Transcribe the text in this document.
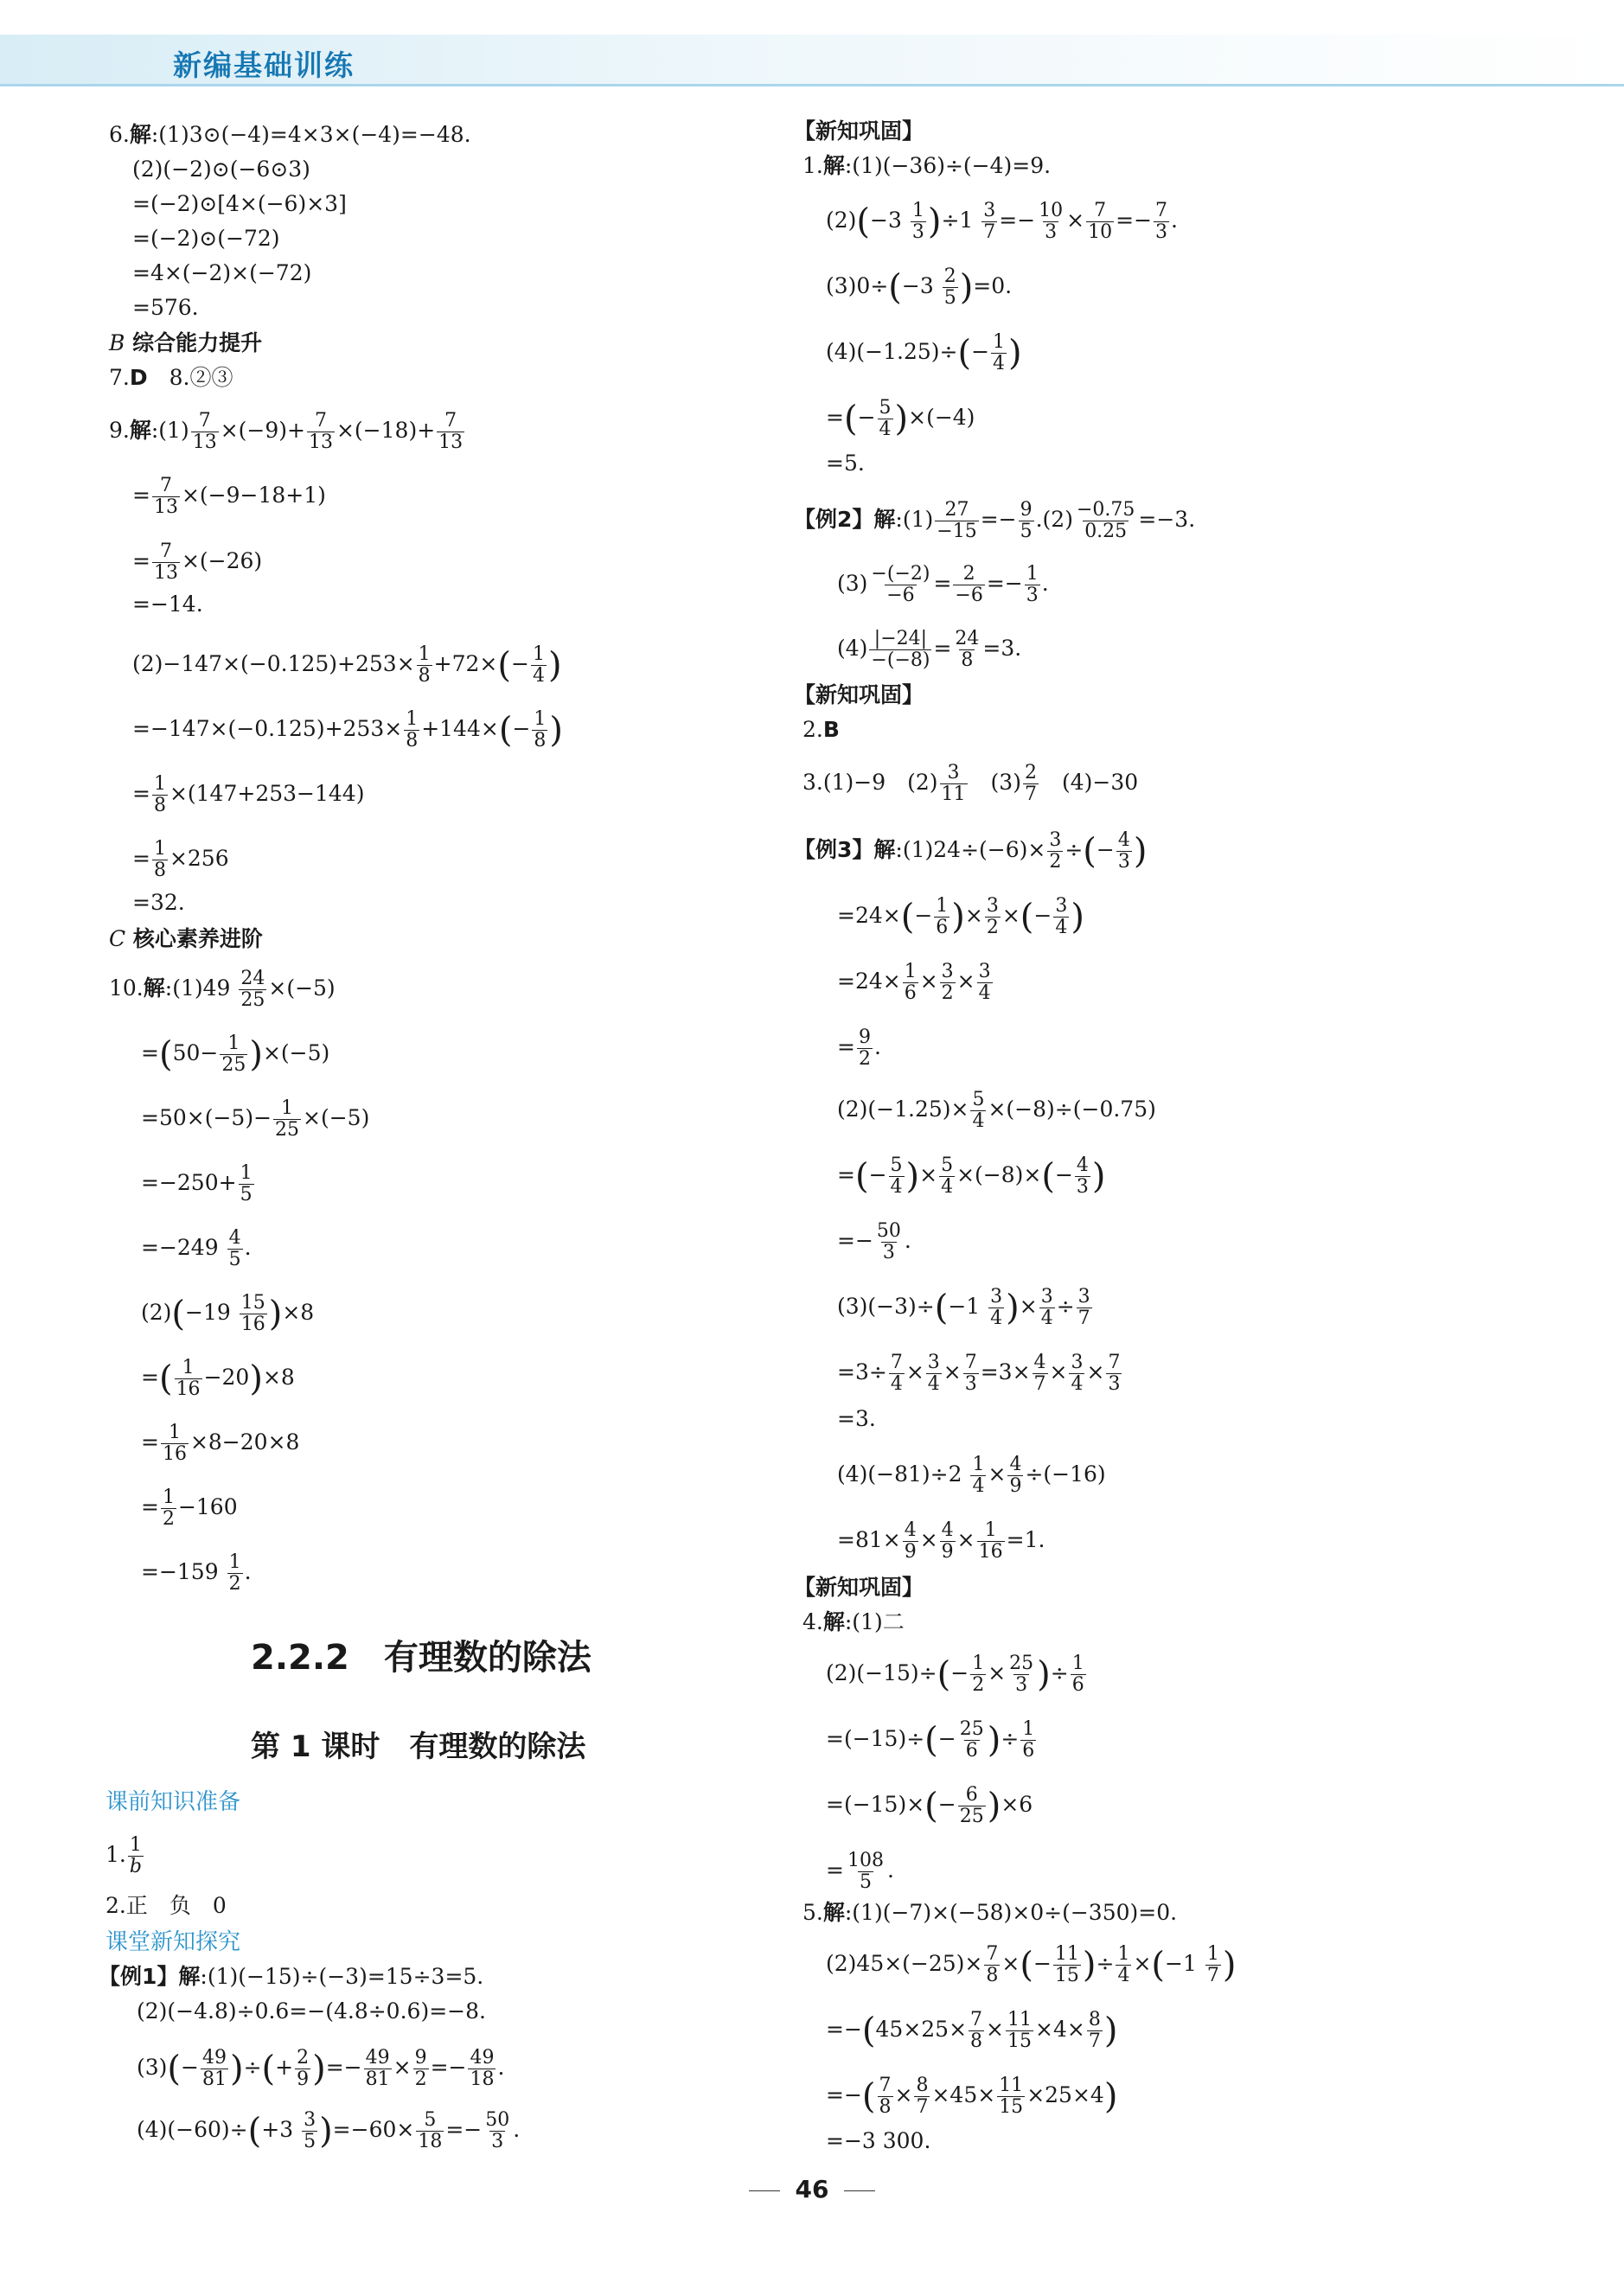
新编基础训练
6.解:(1)3⊙(−4)=4×3×(−4)=−48.
(2)(−2)⊙(−6⊙3)
=(−2)⊙[4×(−6)×3]
=(−2)⊙(−72)
=4×(−2)×(−72)
=576.
B 综合能力提升
7.D　 8.②③
9.解:(1) $\frac{7}{13} \times(-9)+ \frac{7}{13} \times(-18)+ \frac{7}{13}$
= $\frac{7}{13} \times(-9-18+1)$
= $\frac{7}{13} \times(-26)$
=−14.
$(2)-147\times(-0.125)+253\times \frac{1}{8} +72\times(- \frac{1}{4}$ )
$=-147\times(-0.125)+253\times \frac{1}{8} +144\times(- \frac{1}{8}$ )
= $\frac{1}{8} \times(147+253-144)$
= $\frac{1}{8} \times 256$
=32.
C 核心素养进阶
10.解:(1)49 $\frac{24}{25} \times(-5)$
$=(50- \frac{1}{25} )\times(-5)$
$=50\times(-5)- \frac{1}{25} \times(-5)$
$=-250+ \frac{1}{5}$
$=-249 \frac{4}{5}$ .
$(2)(-19 \frac{15}{16} )\times 8$
=( $\frac{1}{16} -20)\times 8$
= $\frac{1}{16} \times 8-20\times 8$
= $\frac{1}{2} -160$
$=-159 \frac{1}{2}$ .
2.2.2　有理数的除法
第 1 课时　有理数的除法
课前知识准备
1. $\frac{1}{b}$
2.正　负　0
课堂新知探究
【例1】解:(1)(−15)÷(−3)=15÷3=5.
(2)(−4.8)÷0.6=−(4.8÷0.6)=−8.
$(3)(- \frac{49}{81}$ )÷(+ $\frac{2}{9}$ )=− $\frac{49}{81} \times \frac{9}{2} =- \frac{49}{18}$ .
$(4)(-60)\div(+3 \frac{3}{5} )=-60\times \frac{5}{18} =- \frac{50}{3}$ .
【新知巩固】
1.解:(1)(−36)÷(−4)=9.
$(2)(-3 \frac{1}{3} )\div 1 \frac{3}{7} =- \frac{10}{3} \times \frac{7}{10} =- \frac{7}{3}$ .
$(3)0\div(-3 \frac{2}{5} )=0$.
$(4)(-1.25)\div(- \frac{1}{4}$ )
=(− $\frac{5}{4} )\times(-4)$
=5.
【例2】解:(1) $\frac{27}{-15} =- \frac{9}{5} .(2) \frac{-0.75}{0.25} =-3$.
$(3) \frac{-(-2)}{-6} = \frac{2}{-6} =- \frac{1}{3}$ .
$(4) \frac{|-24|}{-(-8)} = \frac{24}{8} =3$.
【新知巩固】
2.B
3.(1)−9　$(2) \frac{3}{11}$ 　$(3) \frac{2}{7}$ 　(4)−30
【例3】解:(1)24÷(−6)× $\frac{3}{2}$ ÷(− $\frac{4}{3}$ )
$=24\times(- \frac{1}{6}$ )× $\frac{3}{2}$ ×(− $\frac{3}{4}$ )
$=24\times \frac{1}{6} \times \frac{3}{2} \times \frac{3}{4}$
= $\frac{9}{2}$ .
$(2)(-1.25)\times \frac{5}{4} \times(-8)\div(-0.75)$
=(− $\frac{5}{4}$ )× $\frac{5}{4} \times(-8)\times(- \frac{4}{3}$ )
=− $\frac{50}{3}$ .
$(3)(-3)\div(-1 \frac{3}{4}$ )× $\frac{3}{4} \div \frac{3}{7}$
$=3\div \frac{7}{4} \times \frac{3}{4} \times \frac{7}{3} =3\times \frac{4}{7} \times \frac{3}{4} \times \frac{7}{3}$
=3.
$(4)(-81)\div 2 \frac{1}{4} \times \frac{4}{9} \div(-16)$
$=81\times \frac{4}{9} \times \frac{4}{9} \times \frac{1}{16} =1$.
【新知巩固】
4.解:(1)二
$(2)(-15)\div(- \frac{1}{2} \times \frac{25}{3}$ )÷ $\frac{1}{6}$
$=(-15)\div(- \frac{25}{6}$ )÷ $\frac{1}{6}$
$=(-15)\times(- \frac{6}{25} )\times 6$
= $\frac{108}{5}$ .
5.解:(1)(−7)×(−58)×0÷(−350)=0.
$(2)45\times(-25)\times \frac{7}{8}$ ×(− $\frac{11}{15}$ )÷ $\frac{1}{4} \times(-1 \frac{1}{7}$ )
$=-(45\times 25\times \frac{7}{8} \times \frac{11}{15} \times 4\times \frac{8}{7}$ )
=−( $\frac{7}{8} \times \frac{8}{7} \times 45\times \frac{11}{15} \times 25\times 4$)
=−3 300.
46
